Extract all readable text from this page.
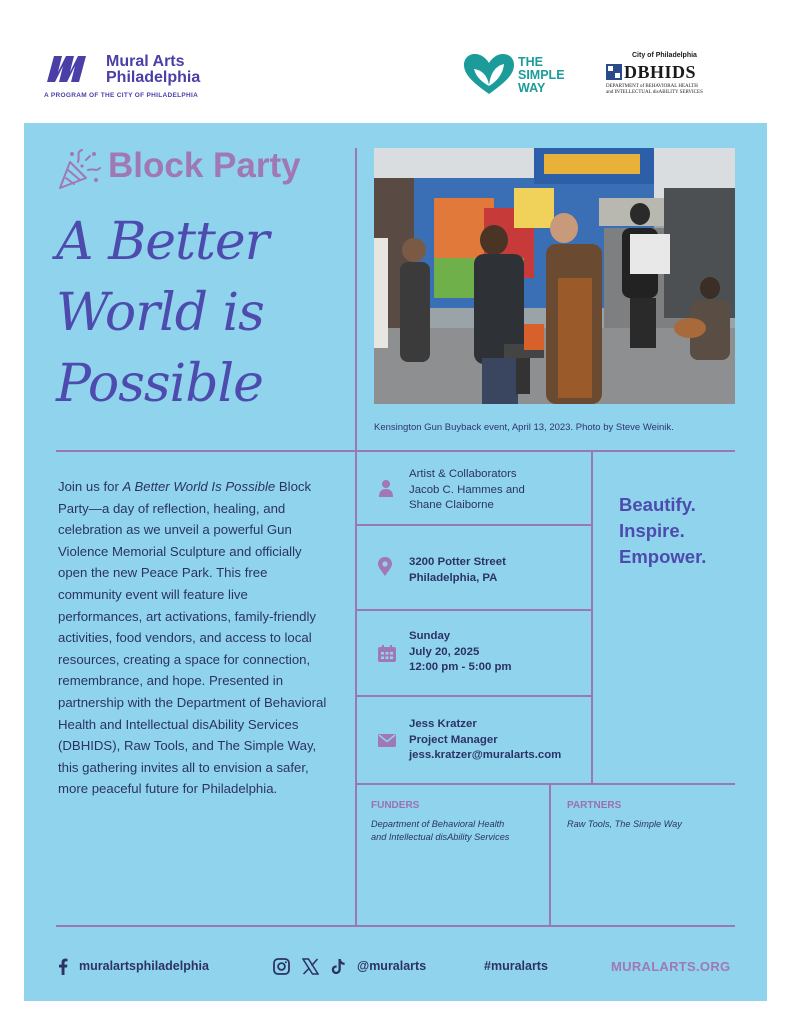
Mural Arts
Philadelphia
A PROGRAM OF THE CITY OF PHILADELPHIA
THE
SIMPLE
WAY
City of Philadelphia
DBHIDS
DEPARTMENT of BEHAVIORAL HEALTH
and INTELLECTUAL disABILITY SERVICES
Block Party
A Better
World is
Possible
Kensington Gun Buyback event, April 13, 2023. Photo by Steve Weinik.
Join us for A Better World Is Possible Block Party—a day of reflection, healing, and celebration as we unveil a powerful Gun Violence Memorial Sculpture and officially open the new Peace Park. This free community event will feature live performances, art activations, family-friendly activities, food vendors, and access to local resources, creating a space for connection, remembrance, and hope. Presented in partnership with the Department of Behavioral Health and Intellectual disAbility Services (DBHIDS), Raw Tools, and The Simple Way, this gathering invites all to envision a safer, more peaceful future for Philadelphia.
Artist & Collaborators
Jacob C. Hammes and
Shane Claiborne
3200 Potter Street
Philadelphia, PA
Sunday
July 20, 2025
12:00 pm - 5:00 pm
Jess Kratzer
Project Manager
jess.kratzer@muralarts.com
Beautify.
Inspire.
Empower.
FUNDERS
Department of Behavioral Health
and Intellectual disAbility Services
PARTNERS
Raw Tools, The Simple Way
muralartsphiladelphia	@muralarts	#muralarts	MURALARTS.ORG
